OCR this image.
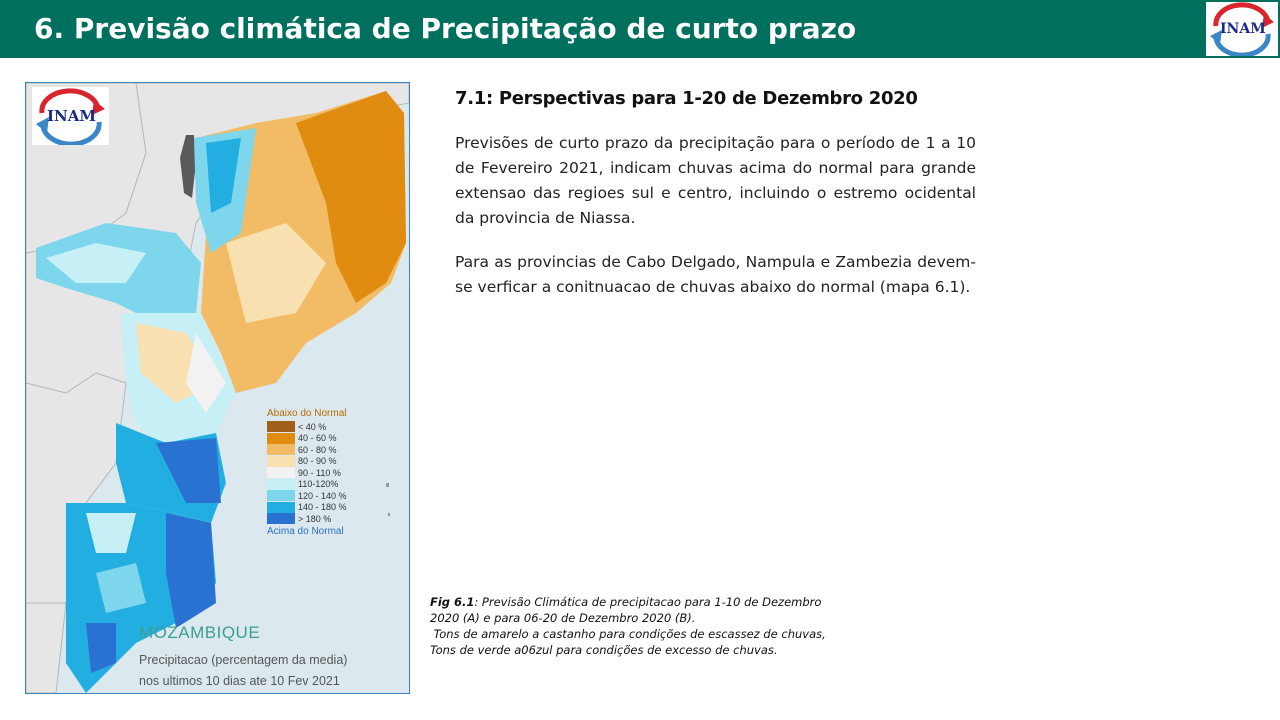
6. Previsão climática de Precipitação de curto prazo	INAM
INAM
Abaixo do Normal
< 40 %
40 - 60 %
60 - 80 %
80 - 90 %
90 - 110 %
110-120%
120 - 140 %
140 - 180 %
> 180 %
Acima do Normal
MOZAMBIQUE
Precipitacao (percentagem da media)
nos ultimos 10 dias ate 10 Fev 2021
7.1: Perspectivas para 1-20 de Dezembro 2020

Previsões de curto prazo da precipitação para o período de 1 a 10 de Fevereiro 2021, indicam chuvas acima do normal para grande extensao das regioes sul e centro, incluindo o estremo ocidental da provincia de Niassa.

Para as provincias de Cabo Delgado, Nampula e Zambezia devem-se verficar a conitnuacao de chuvas abaixo do normal (mapa 6.1).

Fig 6.1: Previsão Climática de precipitacao para 1-10 de Dezembro
2020 (A) e para 06-20 de Dezembro 2020 (B).
Tons de amarelo a castanho para condições de escassez de chuvas,
Tons de verde a06zul para condições de excesso de chuvas.
